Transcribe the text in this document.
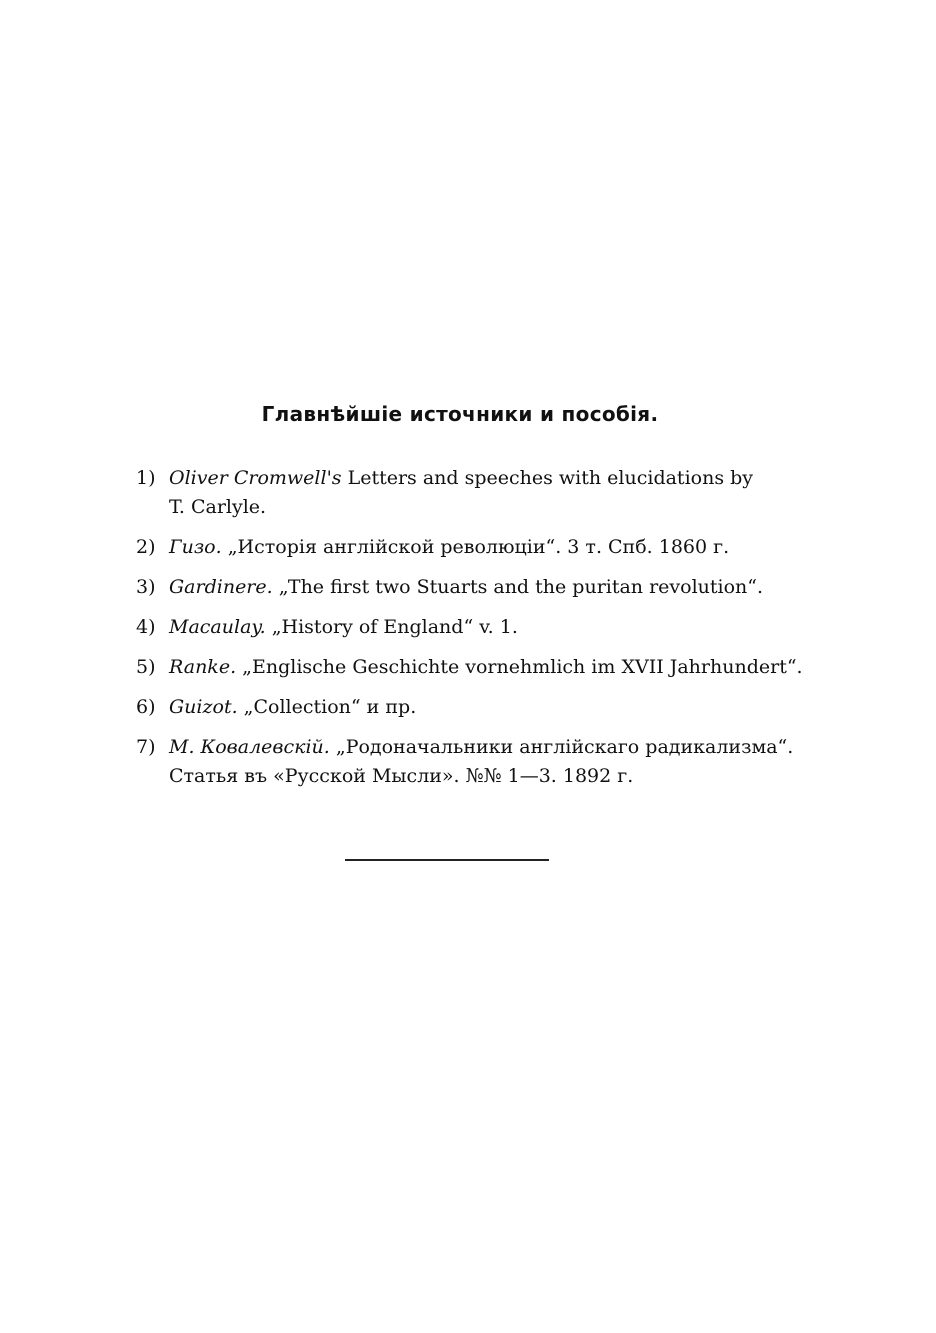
Главнѣйшіе источники и пособія.
1) Oliver Cromwell's Letters and speeches with elucidations by
T. Carlyle.
2) Гизо. „Исторія англійской революціи“. 3 т. Спб. 1860 г.
3) Gardinere. „The first two Stuarts and the puritan revolution“.
4) Macaulay. „History of England“ v. 1.
5) Ranke. „Englische Geschichte vornehmlich im XVII Jahrhundert“.
6) Guizot. „Collection“ и пр.
7) М. Ковалевскій. „Родоначальники англійскаго радикализма“.
Статья въ «Русской Мысли». №№ 1—3. 1892 г.
